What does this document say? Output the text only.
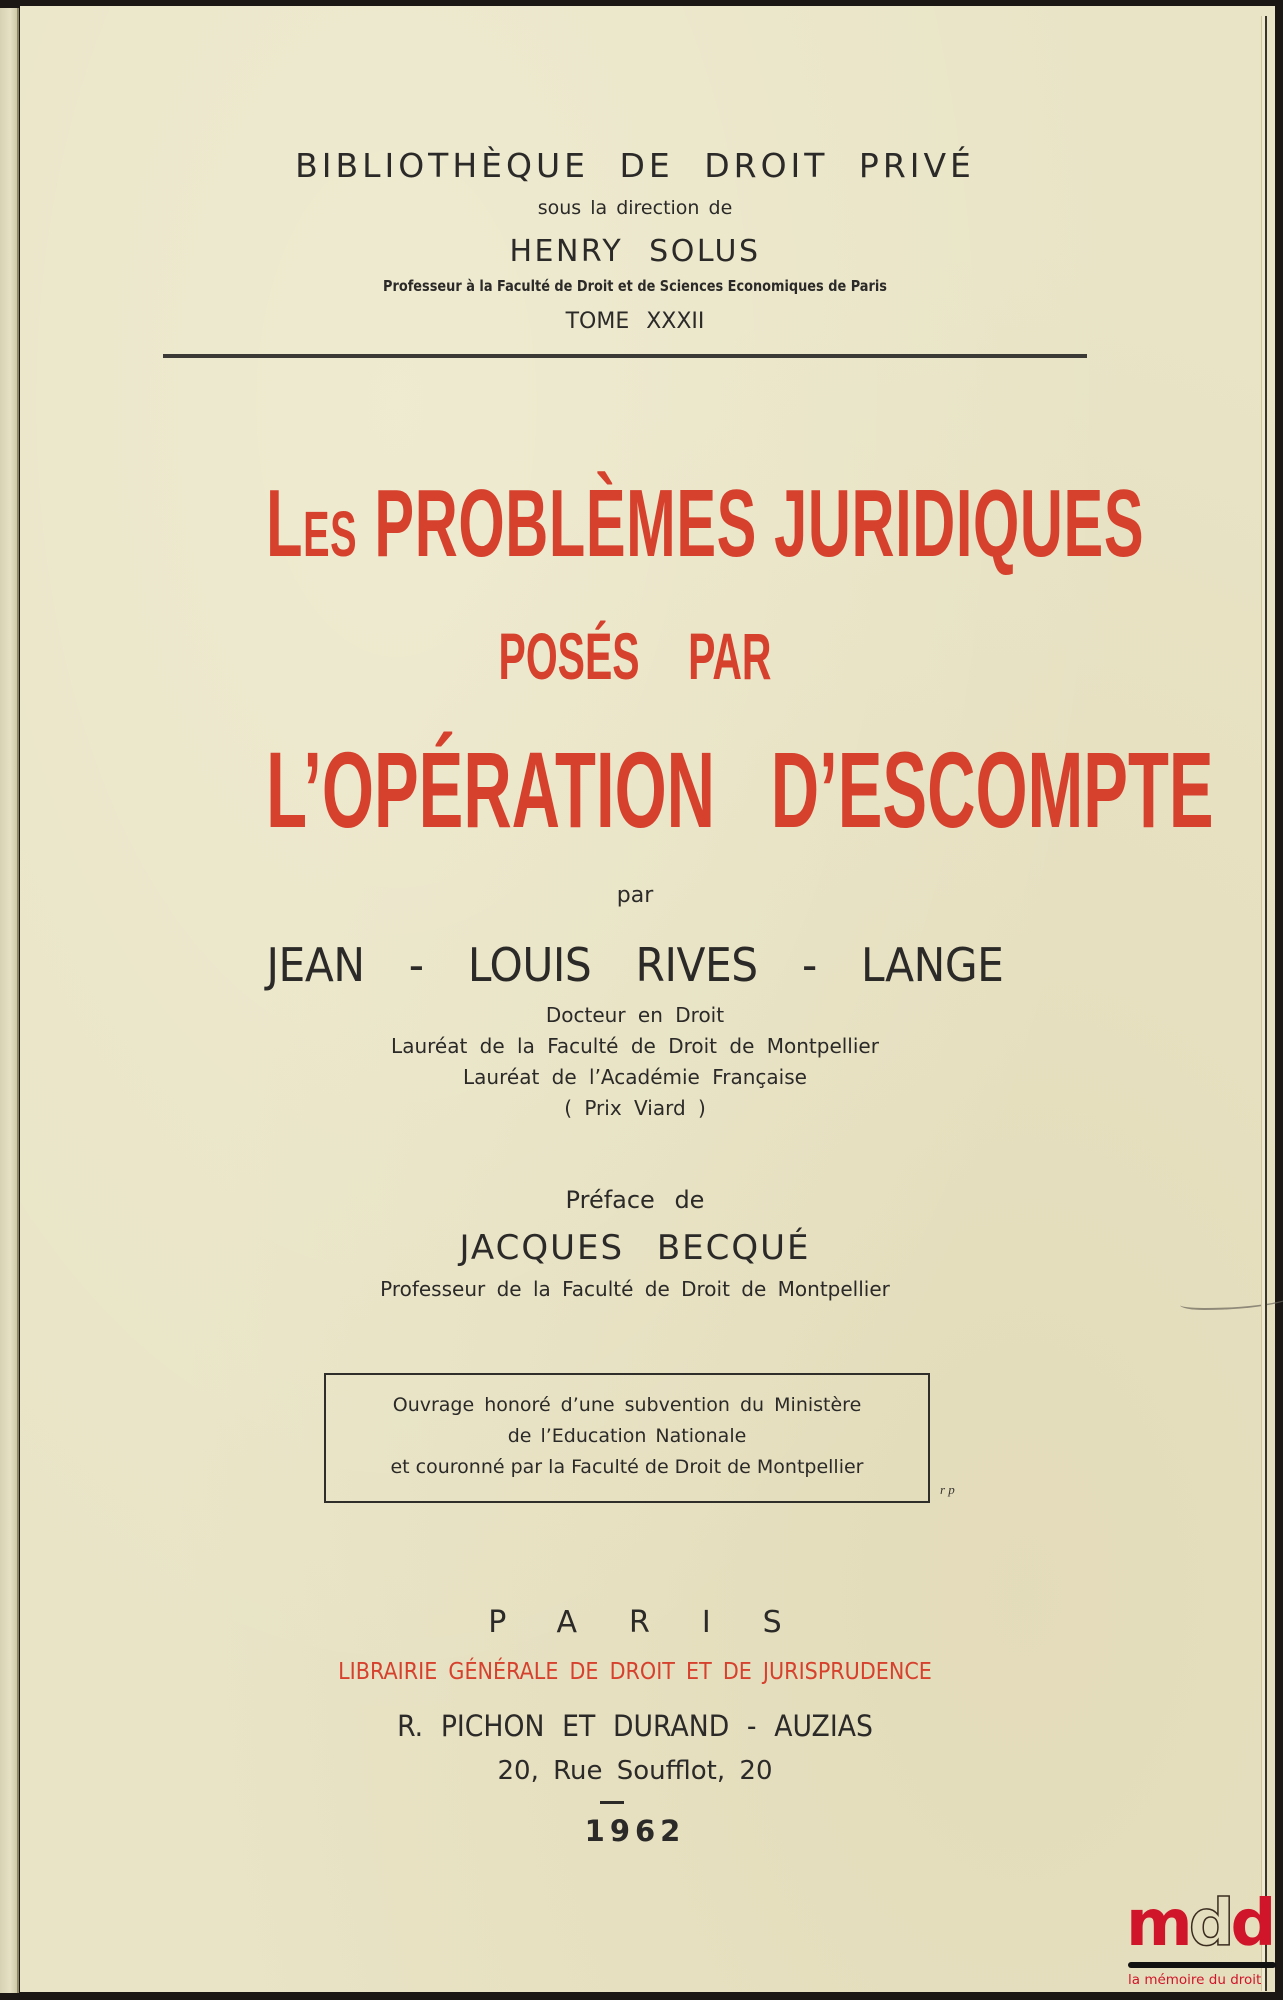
BIBLIOTHÈQUE DE DROIT PRIVÉ
sous la direction de
HENRY SOLUS
Professeur à la Faculté de Droit et de Sciences Economiques de Paris
TOME XXXII
LES PROBLÈMES JURIDIQUES
POSÉS PAR
L’OPÉRATION D’ESCOMPTE
par
JEAN - LOUIS RIVES - LANGE
Docteur en Droit
Lauréat de la Faculté de Droit de Montpellier
Lauréat de l’Académie Française
( Prix Viard )
Préface de
JACQUES BECQUÉ
Professeur de la Faculté de Droit de Montpellier
Ouvrage honoré d’une subvention du Ministère
de l’Education Nationale
et couronné par la Faculté de Droit de Montpellier
r p
PARIS
LIBRAIRIE GÉNÉRALE DE DROIT ET DE JURISPRUDENCE
R. PICHON ET DURAND - AUZIAS
20, Rue Soufflot, 20
1962
mdd
la mémoire du droit
